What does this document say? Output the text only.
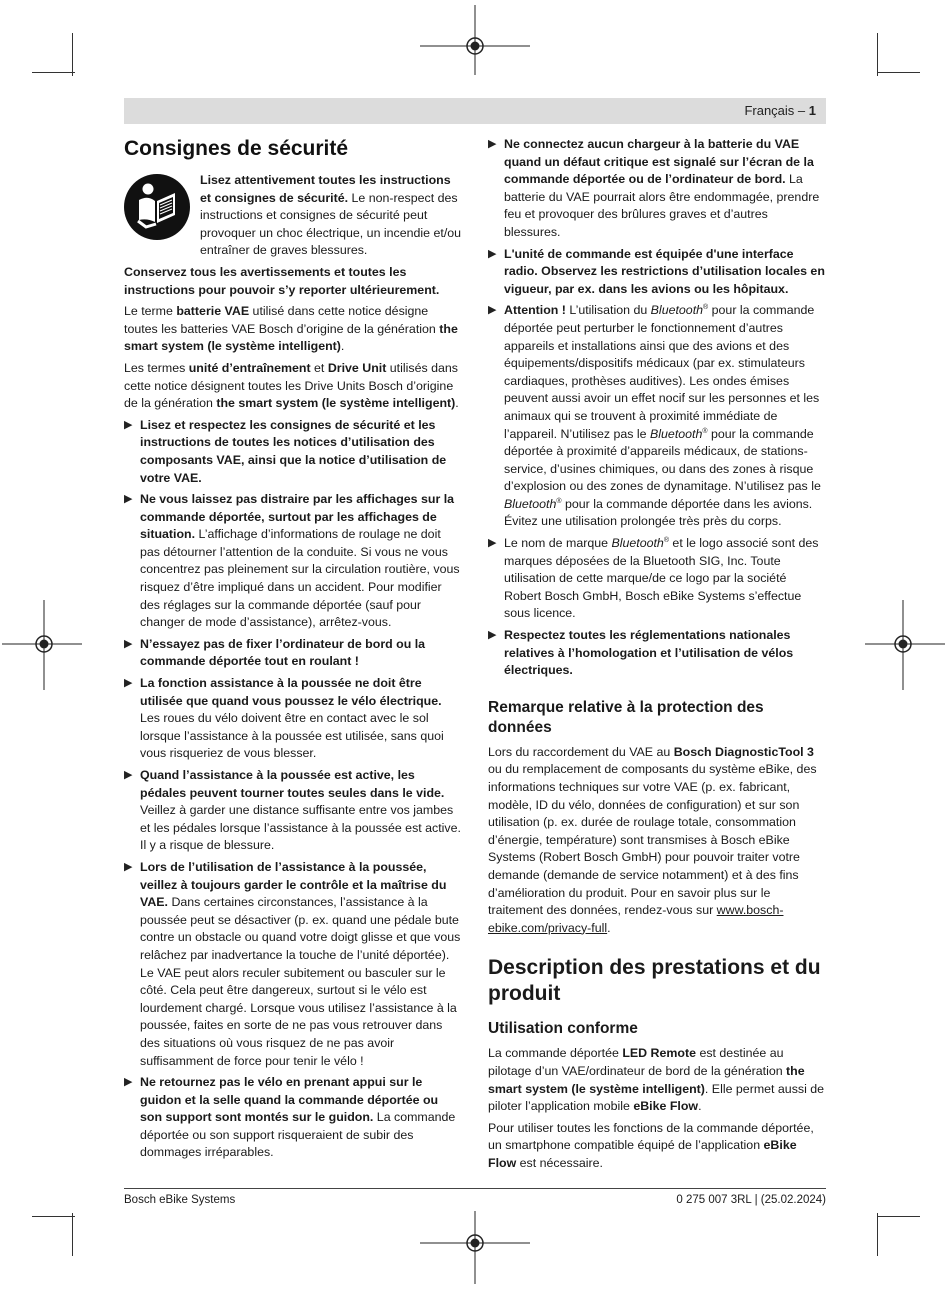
Français – 1
Consignes de sécurité
Lisez attentivement toutes les instructions et consignes de sécurité. Le non-respect des instructions et consignes de sécurité peut provoquer un choc électrique, un incendie et/ou entraîner de graves blessures.

Conservez tous les avertissements et toutes les instructions pour pouvoir s’y reporter ultérieurement.

Le terme batterie VAE utilisé dans cette notice désigne toutes les batteries VAE Bosch d’origine de la génération the smart system (le système intelligent).

Les termes unité d’entraînement et Drive Unit utilisés dans cette notice désignent toutes les Drive Units Bosch d’origine de la génération the smart system (le système intelligent).

▶ Lisez et respectez les consignes de sécurité et les instructions de toutes les notices d’utilisation des composants VAE, ainsi que la notice d’utilisation de votre VAE.
▶ Ne vous laissez pas distraire par les affichages sur la commande déportée, surtout par les affichages de situation. L’affichage d’informations de roulage ne doit pas détourner l’attention de la conduite. Si vous ne vous concentrez pas pleinement sur la circulation routière, vous risquez d’être impliqué dans un accident. Pour modifier des réglages sur la commande déportée (sauf pour changer de mode d’assistance), arrêtez-vous.
▶ N’essayez pas de fixer l’ordinateur de bord ou la commande déportée tout en roulant !
▶ La fonction assistance à la poussée ne doit être utilisée que quand vous poussez le vélo électrique. Les roues du vélo doivent être en contact avec le sol lorsque l’assistance à la poussée est utilisée, sans quoi vous risqueriez de vous blesser.
▶ Quand l’assistance à la poussée est active, les pédales peuvent tourner toutes seules dans le vide. Veillez à garder une distance suffisante entre vos jambes et les pédales lorsque l’assistance à la poussée est active. Il y a risque de blessure.
▶ Lors de l’utilisation de l’assistance à la poussée, veillez à toujours garder le contrôle et la maîtrise du VAE. Dans certaines circonstances, l’assistance à la poussée peut se désactiver (p. ex. quand une pédale bute contre un obstacle ou quand votre doigt glisse et que vous relâchez par inadvertance la touche de l’unité déportée). Le VAE peut alors reculer subitement ou basculer sur le côté. Cela peut être dangereux, surtout si le vélo est lourdement chargé. Lorsque vous utilisez l’assistance à la poussée, faites en sorte de ne pas vous retrouver dans des situations où vous risquez de ne pas avoir suffisamment de force pour tenir le vélo !
▶ Ne retournez pas le vélo en prenant appui sur le guidon et la selle quand la commande déportée ou son support sont montés sur le guidon. La commande déportée ou son support risqueraient de subir des dommages irréparables.
▶ Ne connectez aucun chargeur à la batterie du VAE quand un défaut critique est signalé sur l’écran de la commande déportée ou de l’ordinateur de bord. La batterie du VAE pourrait alors être endommagée, prendre feu et provoquer des brûlures graves et d’autres blessures.
▶ L'unité de commande est équipée d'une interface radio. Observez les restrictions d’utilisation locales en vigueur, par ex. dans les avions ou les hôpitaux.
▶ Attention ! L’utilisation du Bluetooth® pour la commande déportée peut perturber le fonctionnement d’autres appareils et installations ainsi que des avions et des équipements/dispositifs médicaux (par ex. stimulateurs cardiaques, prothèses auditives). Les ondes émises peuvent aussi avoir un effet nocif sur les personnes et les animaux qui se trouvent à proximité immédiate de l’appareil. N’utilisez pas le Bluetooth® pour la commande déportée à proximité d’appareils médicaux, de stations-service, d’usines chimiques, ou dans des zones à risque d’explosion ou des zones de dynamitage. N’utilisez pas le Bluetooth® pour la commande déportée dans les avions. Évitez une utilisation prolongée très près du corps.
▶ Le nom de marque Bluetooth® et le logo associé sont des marques déposées de la Bluetooth SIG, Inc. Toute utilisation de cette marque/de ce logo par la société Robert Bosch GmbH, Bosch eBike Systems s’effectue sous licence.
▶ Respectez toutes les réglementations nationales relatives à l’homologation et l’utilisation de vélos électriques.
Remarque relative à la protection des données

Lors du raccordement du VAE au Bosch DiagnosticTool 3 ou du remplacement de composants du système eBike, des informations techniques sur votre VAE (p. ex. fabricant, modèle, ID du vélo, données de configuration) et sur son utilisation (p. ex. durée de roulage totale, consommation d’énergie, température) sont transmises à Bosch eBike Systems (Robert Bosch GmbH) pour pouvoir traiter votre demande (demande de service notamment) et à des fins d’amélioration du produit. Pour en savoir plus sur le traitement des données, rendez-vous sur www.bosch-ebike.com/privacy-full.

Description des prestations et du produit
Utilisation conforme

La commande déportée LED Remote est destinée au pilotage d’un VAE/ordinateur de bord de la génération the smart system (le système intelligent). Elle permet aussi de piloter l’application mobile eBike Flow.

Pour utiliser toutes les fonctions de la commande déportée, un smartphone compatible équipé de l’application eBike Flow est nécessaire.

Bosch eBike Systems	0 275 007 3RL | (25.02.2024)
